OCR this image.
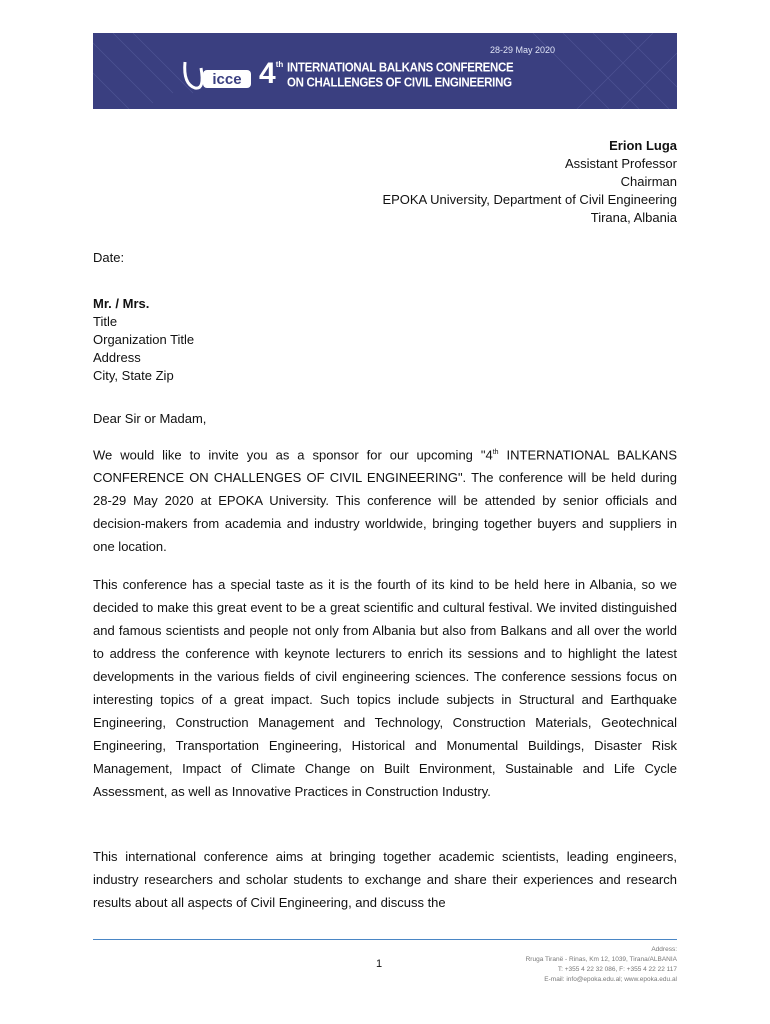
28-29 May 2020
icce 4th INTERNATIONAL BALKANS CONFERENCE
ON CHALLENGES OF CIVIL ENGINEERING
Erion Luga
Assistant Professor
Chairman
EPOKA University, Department of Civil Engineering
Tirana, Albania
Date:
Mr. / Mrs.
Title
Organization Title
Address
City, State Zip
Dear Sir or Madam,
We would like to invite you as a sponsor for our upcoming "4th INTERNATIONAL BALKANS CONFERENCE ON CHALLENGES OF CIVIL ENGINEERING". The conference will be held during 28-29 May 2020 at EPOKA University. This conference will be attended by senior officials and decision-makers from academia and industry worldwide, bringing together buyers and suppliers in one location.
This conference has a special taste as it is the fourth of its kind to be held here in Albania, so we decided to make this great event to be a great scientific and cultural festival. We invited distinguished and famous scientists and people not only from Albania but also from Balkans and all over the world to address the conference with keynote lecturers to enrich its sessions and to highlight the latest developments in the various fields of civil engineering sciences. The conference sessions focus on interesting topics of a great impact. Such topics include subjects in Structural and Earthquake Engineering, Construction Management and Technology, Construction Materials, Geotechnical Engineering, Transportation Engineering, Historical and Monumental Buildings, Disaster Risk Management, Impact of Climate Change on Built Environment, Sustainable and Life Cycle Assessment, as well as Innovative Practices in Construction Industry.
This international conference aims at bringing together academic scientists, leading engineers, industry researchers and scholar students to exchange and share their experiences and research results about all aspects of Civil Engineering, and discuss the
1
Address:
Rruga Tiranë - Rinas, Km 12, 1039, Tirana/ALBANIA
T: +355 4 22 32 086, F: +355 4 22 22 117
E-mail: info@epoka.edu.al; www.epoka.edu.al
